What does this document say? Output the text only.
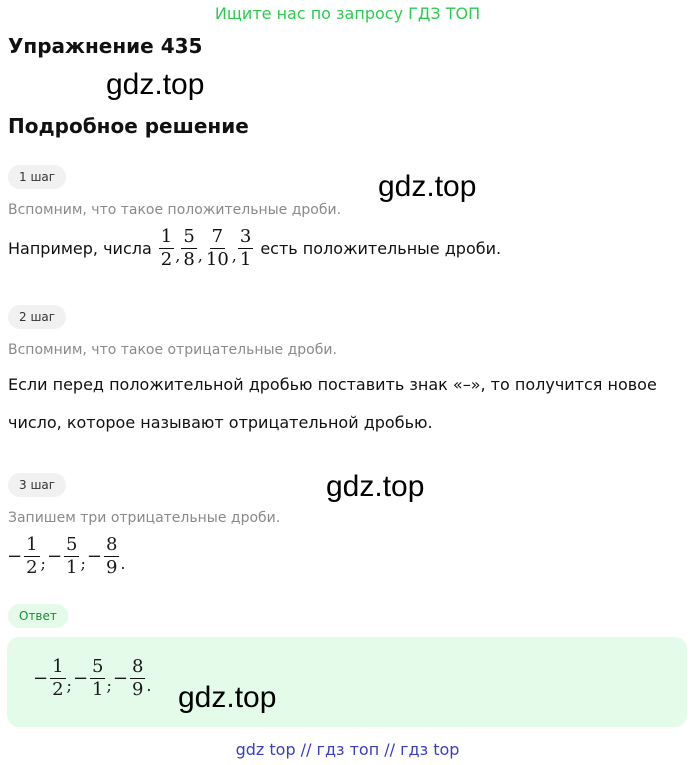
Ищите нас по запросу ГДЗ ТОП
Упражнение 435
gdz.top
Подробное решение
1 шаг	gdz.top
Вспомним, что такое положительные дроби.
Например, числа $\frac{1}{2}$ , $\frac{5}{8}$ , $\frac{7}{10}$ , $\frac{3}{1}$ есть положительные дроби.
2 шаг
Вспомним, что такое отрицательные дроби.
Если перед положительной дробью поставить знак «–», то получится новое
число, которое называют отрицательной дробью.
3 шаг	gdz.top
Запишем три отрицательные дроби.
− $\frac{1}{2}$ ; − $\frac{5}{1}$ ; − $\frac{8}{9}$ .
Ответ
− $\frac{1}{2}$ ; − $\frac{5}{1}$ ; − $\frac{8}{9}$ . gdz.top
gdz top // гдз топ // гдз top
